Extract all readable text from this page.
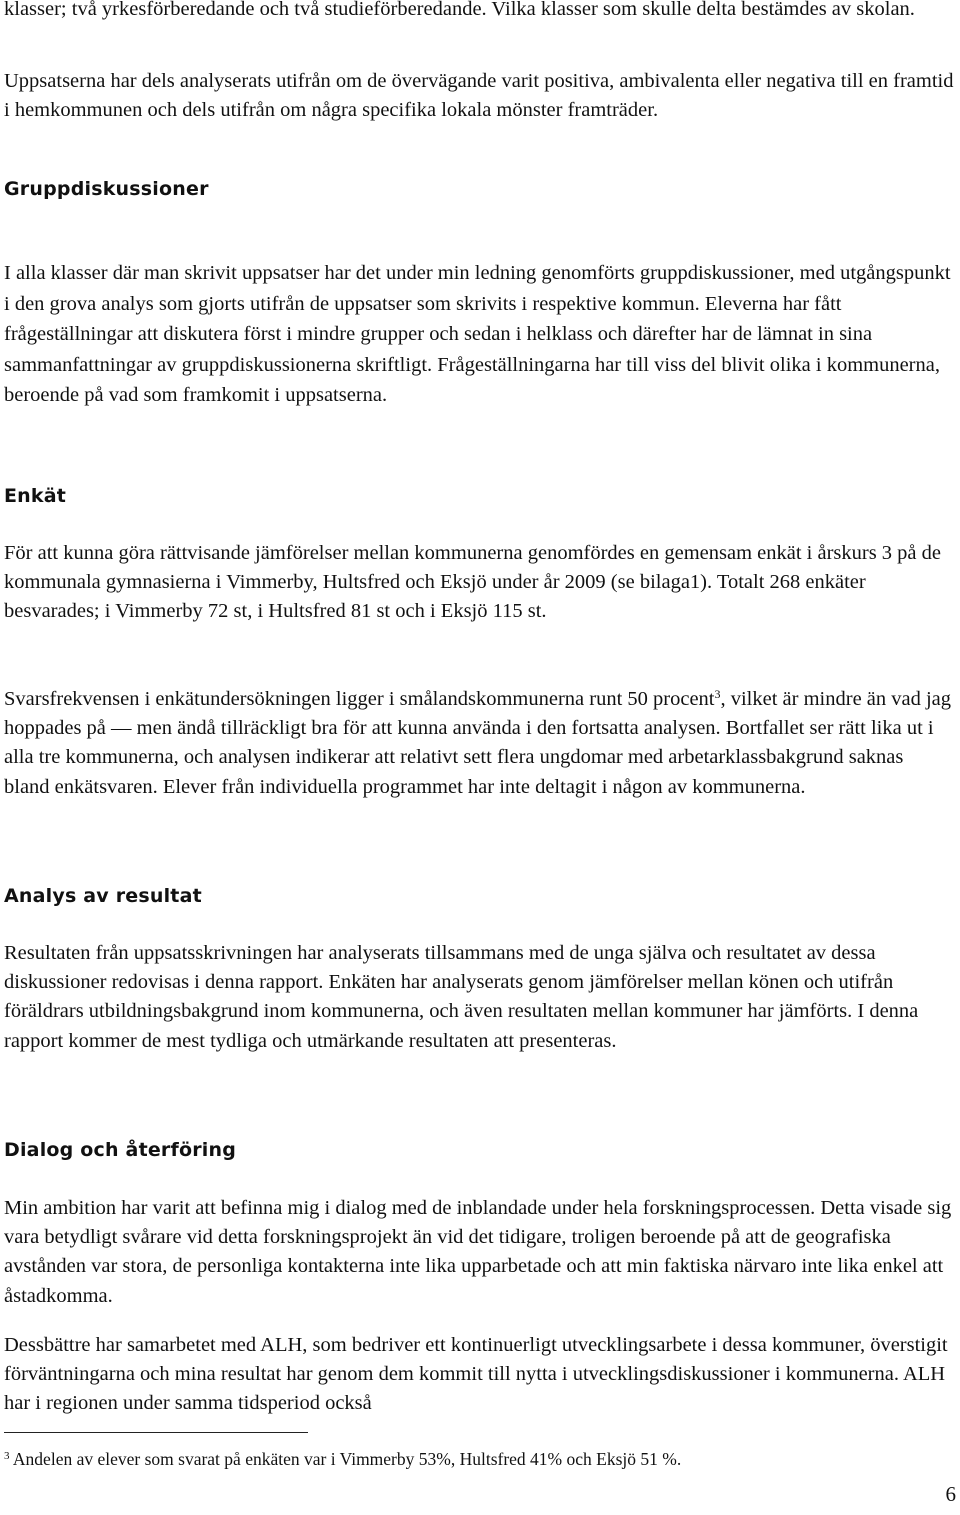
klasser; två yrkesförberedande och två studieförberedande. Vilka klasser som skulle delta bestämdes av skolan.

Uppsatserna har dels analyserats utifrån om de övervägande varit positiva, ambivalenta eller negativa till en framtid i hemkommunen och dels utifrån om några specifika lokala mönster framträder.

Gruppdiskussioner

I alla klasser där man skrivit uppsatser har det under min ledning genomförts gruppdiskussioner, med utgångspunkt i den grova analys som gjorts utifrån de uppsatser som skrivits i respektive kommun. Eleverna har fått frågeställningar att diskutera först i mindre grupper och sedan i helklass och därefter har de lämnat in sina sammanfattningar av gruppdiskussionerna skriftligt. Frågeställningarna har till viss del blivit olika i kommunerna, beroende på vad som framkomit i uppsatserna.

Enkät

För att kunna göra rättvisande jämförelser mellan kommunerna genomfördes en gemensam enkät i årskurs 3 på de kommunala gymnasierna i Vimmerby, Hultsfred och Eksjö under år 2009 (se bilaga1). Totalt 268 enkäter besvarades; i Vimmerby 72 st, i Hultsfred 81 st och i Eksjö 115 st.

Svarsfrekvensen i enkätundersökningen ligger i smålandskommunerna runt 50 procent$^3$, vilket är mindre än vad jag hoppades på — men ändå tillräckligt bra för att kunna använda i den fortsatta analysen. Bortfallet ser rätt lika ut i alla tre kommunerna, och analysen indikerar att relativt sett flera ungdomar med arbetarklassbakgrund saknas bland enkätsvaren. Elever från individuella programmet har inte deltagit i någon av kommunerna.

Analys av resultat

Resultaten från uppsatsskrivningen har analyserats tillsammans med de unga själva och resultatet av dessa diskussioner redovisas i denna rapport. Enkäten har analyserats genom jämförelser mellan könen och utifrån föräldrars utbildningsbakgrund inom kommunerna, och även resultaten mellan kommuner har jämförts. I denna rapport kommer de mest tydliga och utmärkande resultaten att presenteras.

Dialog och återföring

Min ambition har varit att befinna mig i dialog med de inblandade under hela forskningsprocessen. Detta visade sig vara betydligt svårare vid detta forskningsprojekt än vid det tidigare, troligen beroende på att de geografiska avstånden var stora, de personliga kontakterna inte lika upparbetade och att min faktiska närvaro inte lika enkel att åstadkomma.

Dessbättre har samarbetet med ALH, som bedriver ett kontinuerligt utvecklingsarbete i dessa kommuner, överstigit förväntningarna och mina resultat har genom dem kommit till nytta i utvecklingsdiskussioner i kommunerna. ALH har i regionen under samma tidsperiod också

$^3$ Andelen av elever som svarat på enkäten var i Vimmerby 53%, Hultsfred 41% och Eksjö 51 %.

6
